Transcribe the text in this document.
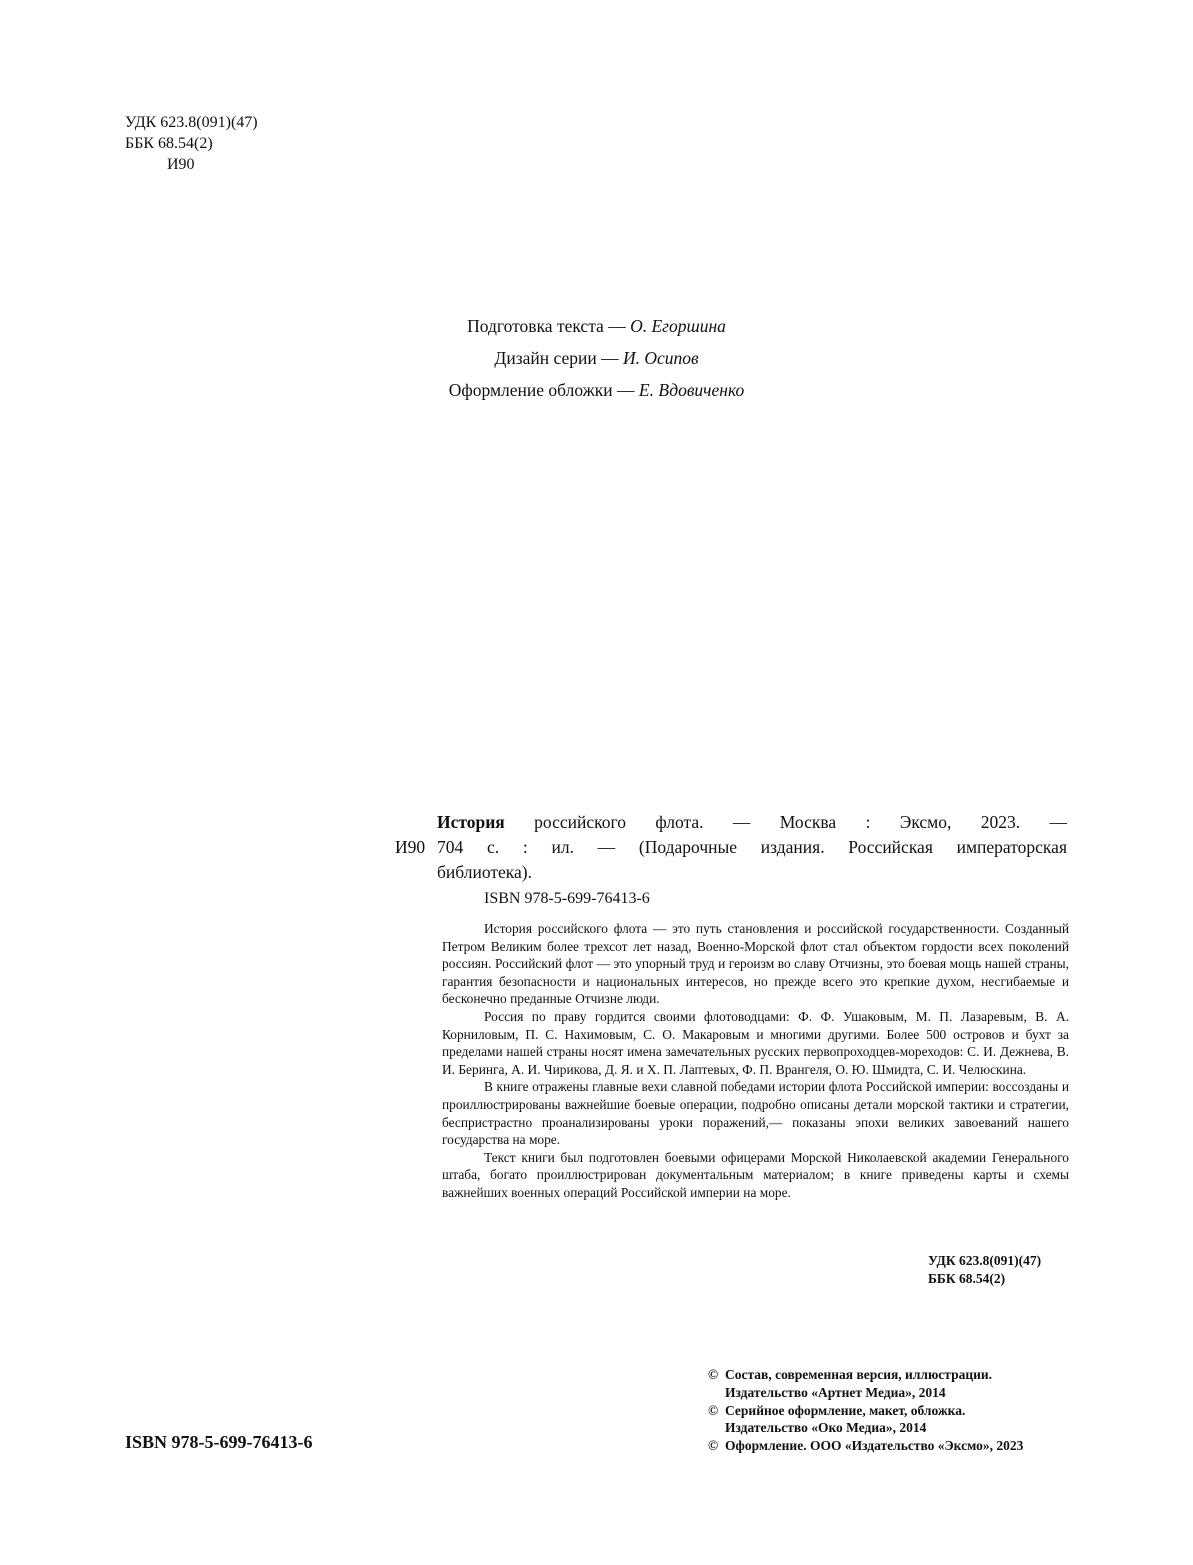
УДК 623.8(091)(47)
ББК 68.54(2)
И90
Подготовка текста — О. Егоршина
Дизайн серии — И. Осипов
Оформление обложки — Е. Вдовиченко
История российского флота. — Москва : Эксмо, 2023. —
И90 704 с. : ил. — (Подарочные издания. Российская императорская
библиотека).
ISBN 978-5-699-76413-6

История российского флота — это путь становления и российской государственности. Созданный Петром Великим более трехсот лет назад, Военно-Морской флот стал объектом гордости всех поколений россиян. Российский флот — это упорный труд и героизм во славу Отчизны, это боевая мощь нашей страны, гарантия безопасности и национальных интересов, но прежде всего это крепкие духом, несгибаемые и бесконечно преданные Отчизне люди.

Россия по праву гордится своими флотоводцами: Ф. Ф. Ушаковым, М. П. Лазаревым, В. А. Корниловым, П. С. Нахимовым, С. О. Макаровым и многими другими. Более 500 островов и бухт за пределами нашей страны носят имена замечательных русских первопроходцев-мореходов: С. И. Дежнева, В. И. Беринга, А. И. Чирикова, Д. Я. и Х. П. Лаптевых, Ф. П. Врангеля, О. Ю. Шмидта, С. И. Челюскина.

В книге отражены главные вехи славной победами истории флота Российской империи: воссозданы и проиллюстрированы важнейшие боевые операции, подробно описаны детали морской тактики и стратегии, беспристрастно проанализированы уроки поражений,— показаны эпохи великих завоеваний нашего государства на море.

Текст книги был подготовлен боевыми офицерами Морской Николаевской академии Генерального штаба, богато проиллюстрирован документальным материалом; в книге приведены карты и схемы важнейших военных операций Российской империи на море.

УДК 623.8(091)(47)
ББК 68.54(2)
© Состав, современная версия, иллюстрации.
Издательство «Артнет Медиа», 2014
© Серийное оформление, макет, обложка.
Издательство «Око Медиа», 2014
© Оформление. ООО «Издательство «Эксмо», 2023
ISBN 978-5-699-76413-6
